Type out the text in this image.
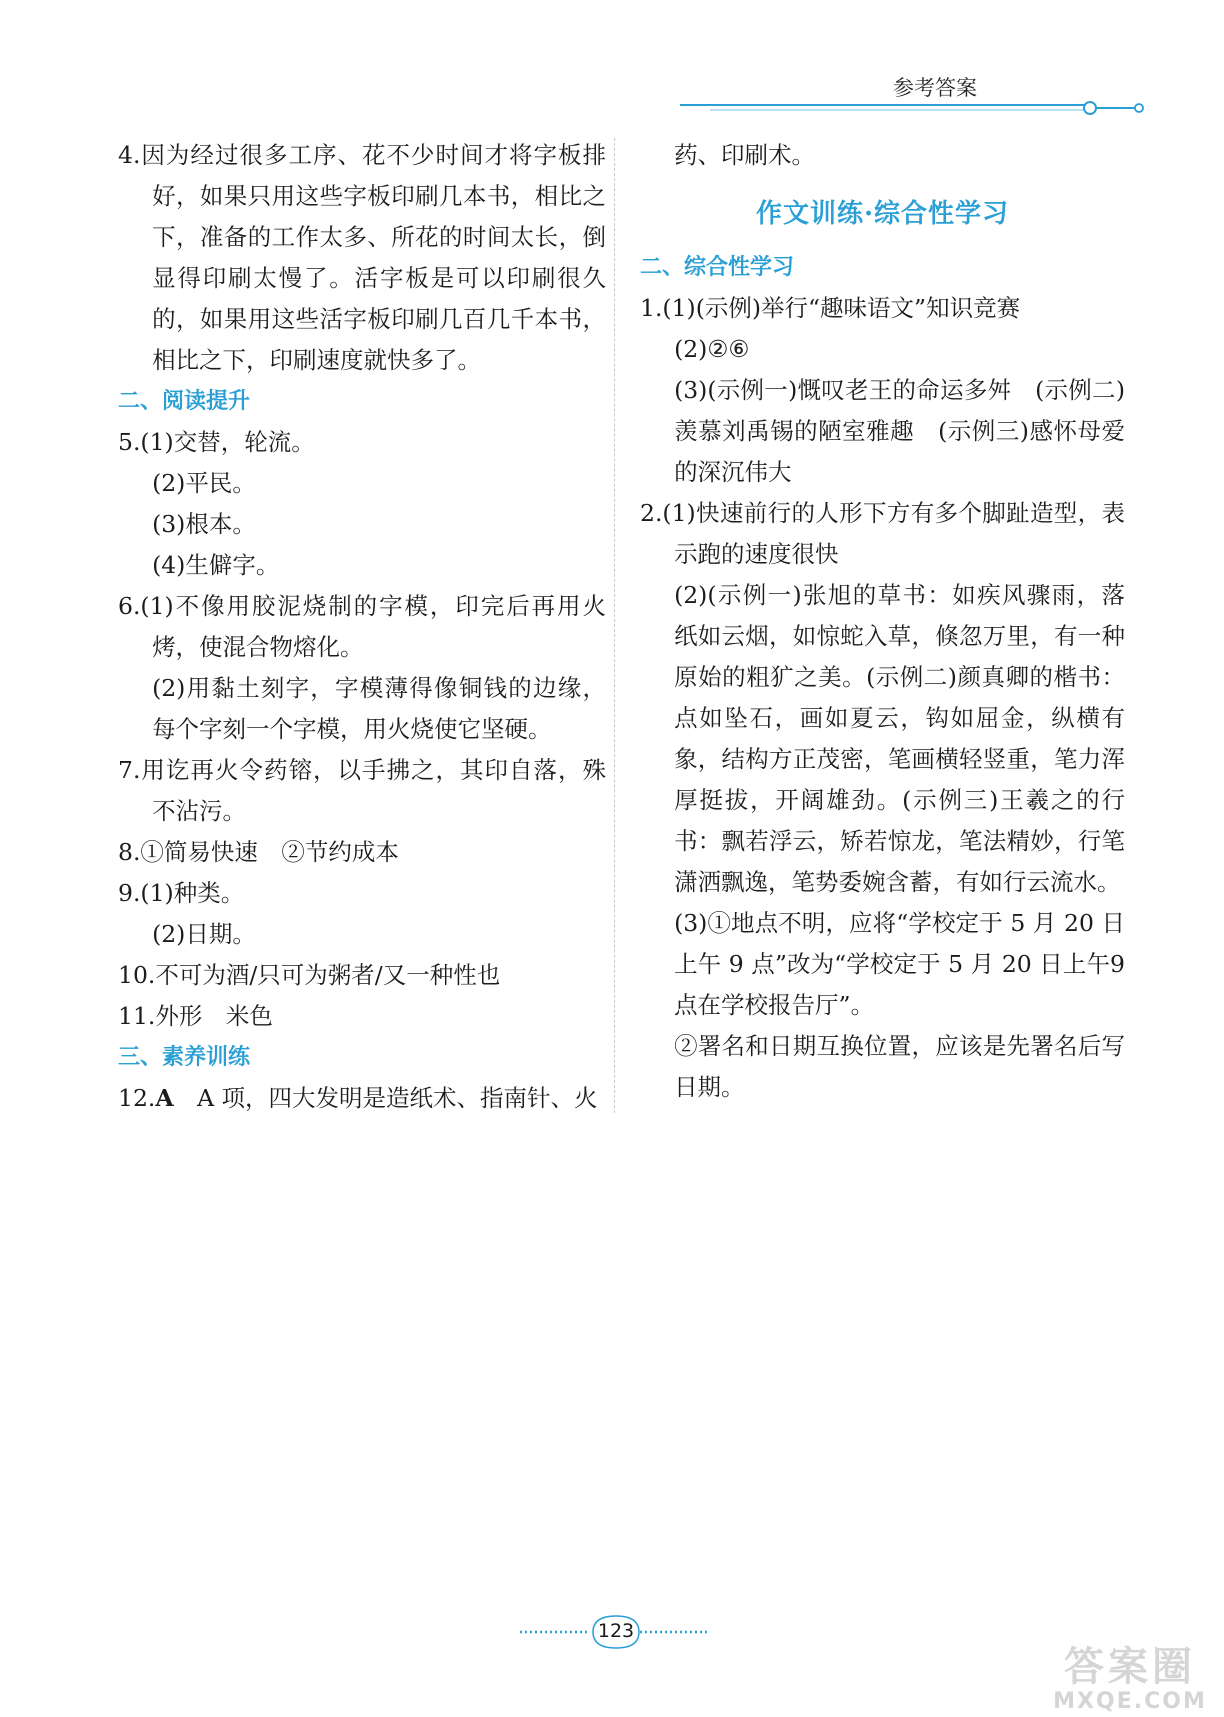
参考答案

4.因为经过很多工序、花不少时间才将字板排好，如果只用这些字板印刷几本书，相比之下，准备的工作太多、所花的时间太长，倒显得印刷太慢了。活字板是可以印刷很久的，如果用这些活字板印刷几百几千本书，相比之下，印刷速度就快多了。

二、阅读提升

5.(1)交替，轮流。

(2)平民。

(3)根本。

(4)生僻字。

6.(1)不像用胶泥烧制的字模，印完后再用火烤，使混合物熔化。

(2)用黏土刻字，字模薄得像铜钱的边缘，每个字刻一个字模，用火烧使它坚硬。

7.用讫再火令药镕，以手拂之，其印自落，殊不沾污。

8.①简易快速　②节约成本

9.(1)种类。

(2)日期。

10.不可为酒/只可为粥者/又一种性也

11.外形　米色

三、素养训练

12.A　 A 项，四大发明是造纸术、指南针、火

药、印刷术。

作文训练·综合性学习

二、综合性学习

1.(1)(示例)举行“趣味语文”知识竞赛

(2)②⑥

(3)(示例一)慨叹老王的命运多舛　(示例二)羡慕刘禹锡的陋室雅趣　(示例三)感怀母爱的深沉伟大

2.(1)快速前行的人形下方有多个脚趾造型，表示跑的速度很快

(2)(示例一)张旭的草书：如疾风骤雨，落纸如云烟，如惊蛇入草，倏忽万里，有一种原始的粗犷之美。(示例二)颜真卿的楷书：点如坠石，画如夏云，钩如屈金，纵横有象，结构方正茂密，笔画横轻竖重，笔力浑厚挺拔，开阔雄劲。(示例三)王羲之的行书：飘若浮云，矫若惊龙，笔法精妙，行笔潇洒飘逸，笔势委婉含蓄，有如行云流水。

(3)①地点不明，应将“学校定于 5 月 20 日上午 9 点”改为“学校定于 5 月 20 日上午9 点在学校报告厅”。

②署名和日期互换位置，应该是先署名后写日期。

123
答案圈
MXQE.COM
